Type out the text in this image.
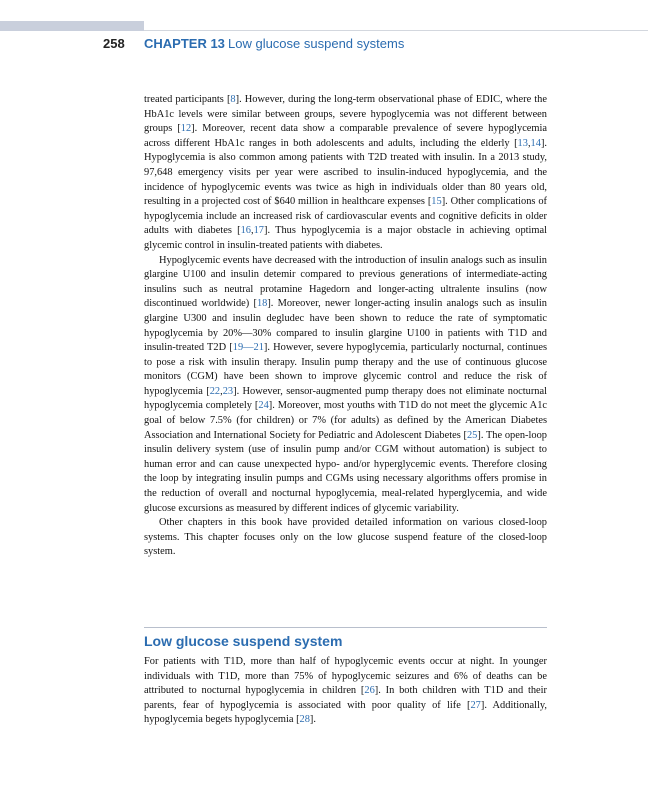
258 CHAPTER 13 Low glucose suspend systems

treated participants [8]. However, during the long-term observational phase of EDIC, where the HbA1c levels were similar between groups, severe hypoglycemia was not different between groups [12]. Moreover, recent data show a comparable prevalence of severe hypoglycemia across different HbA1c ranges in both adolescents and adults, including the elderly [13,14]. Hypoglycemia is also common among patients with T2D treated with insulin. In a 2013 study, 97,648 emergency visits per year were ascribed to insulin-induced hypoglycemia, and the incidence of hypoglycemic events was twice as high in individuals older than 80 years old, resulting in a projected cost of $640 million in healthcare expenses [15]. Other complications of hypoglycemia include an increased risk of cardiovascular events and cognitive deficits in older adults with diabetes [16,17]. Thus hypoglycemia is a major obstacle in achieving optimal glycemic control in insulin-treated patients with diabetes.

Hypoglycemic events have decreased with the introduction of insulin analogs such as insulin glargine U100 and insulin detemir compared to previous generations of intermediate-acting insulins such as neutral protamine Hagedorn and longer-acting ultralente insulins (now discontinued worldwide) [18]. Moreover, newer longer-acting insulin analogs such as insulin glargine U300 and insulin degludec have been shown to reduce the rate of symptomatic hypoglycemia by 20%—30% compared to insulin glargine U100 in patients with T1D and insulin-treated T2D [19—21]. However, severe hypoglycemia, particularly nocturnal, continues to pose a risk with insulin therapy. Insulin pump therapy and the use of continuous glucose monitors (CGM) have been shown to improve glycemic control and reduce the risk of hypoglycemia [22,23]. However, sensor-augmented pump therapy does not eliminate nocturnal hypoglycemia completely [24]. Moreover, most youths with T1D do not meet the glycemic A1c goal of below 7.5% (for children) or 7% (for adults) as defined by the American Diabetes Association and International Society for Pediatric and Adolescent Diabetes [25]. The open-loop insulin delivery system (use of insulin pump and/or CGM without automation) is subject to human error and can cause unexpected hypo- and/or hyperglycemic events. Therefore closing the loop by integrating insulin pumps and CGMs using necessary algorithms offers promise in the reduction of overall and nocturnal hypoglycemia, meal-related hyperglycemia, and wide glucose excursions as measured by different indices of glycemic variability.

Other chapters in this book have provided detailed information on various closed-loop systems. This chapter focuses only on the low glucose suspend feature of the closed-loop system.

Low glucose suspend system

For patients with T1D, more than half of hypoglycemic events occur at night. In younger individuals with T1D, more than 75% of hypoglycemic seizures and 6% of deaths can be attributed to nocturnal hypoglycemia in children [26]. In both children with T1D and their parents, fear of hypoglycemia is associated with poor quality of life [27]. Additionally, hypoglycemia begets hypoglycemia [28].
